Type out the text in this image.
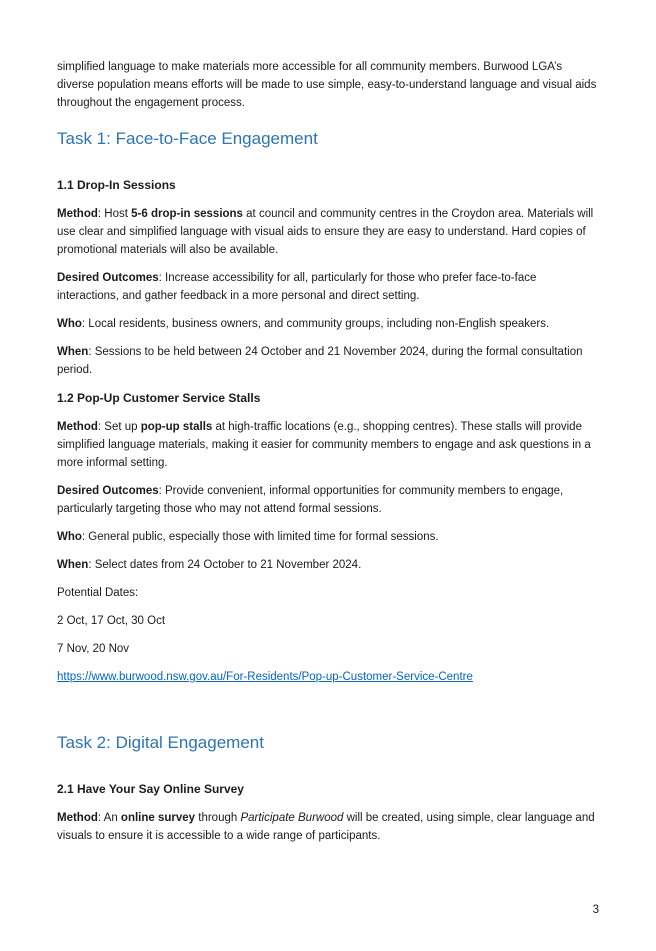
simplified language to make materials more accessible for all community members. Burwood LGA’s diverse population means efforts will be made to use simple, easy-to-understand language and visual aids throughout the engagement process.

Task 1: Face-to-Face Engagement
1.1 Drop-In Sessions

Method: Host 5-6 drop-in sessions at council and community centres in the Croydon area. Materials will use clear and simplified language with visual aids to ensure they are easy to understand. Hard copies of promotional materials will also be available.

Desired Outcomes: Increase accessibility for all, particularly for those who prefer face-to-face interactions, and gather feedback in a more personal and direct setting.

Who: Local residents, business owners, and community groups, including non-English speakers.

When: Sessions to be held between 24 October and 21 November 2024, during the formal consultation period.

1.2 Pop-Up Customer Service Stalls

Method: Set up pop-up stalls at high-traffic locations (e.g., shopping centres). These stalls will provide simplified language materials, making it easier for community members to engage and ask questions in a more informal setting.

Desired Outcomes: Provide convenient, informal opportunities for community members to engage, particularly targeting those who may not attend formal sessions.

Who: General public, especially those with limited time for formal sessions.

When: Select dates from 24 October to 21 November 2024.

Potential Dates:

2 Oct, 17 Oct, 30 Oct

7 Nov, 20 Nov

https://www.burwood.nsw.gov.au/For-Residents/Pop-up-Customer-Service-Centre

Task 2: Digital Engagement
2.1 Have Your Say Online Survey

Method: An online survey through Participate Burwood will be created, using simple, clear language and visuals to ensure it is accessible to a wide range of participants.

3
